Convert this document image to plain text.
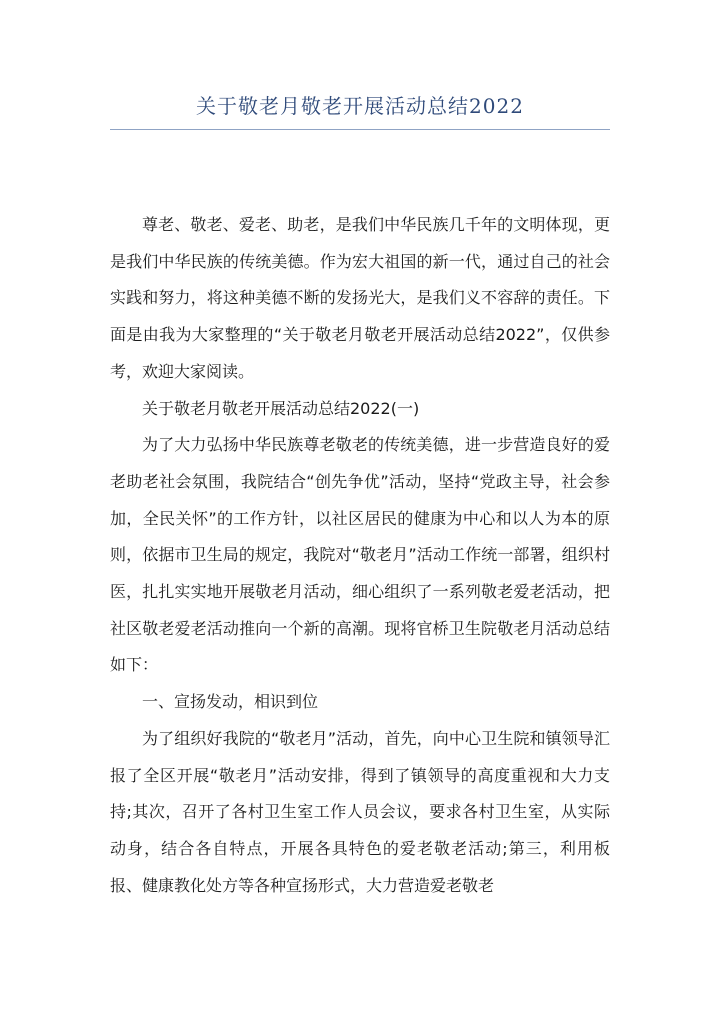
关于敬老月敬老开展活动总结2022

尊老、敬老、爱老、助老，是我们中华民族几千年的文明体现，更是我们中华民族的传统美德。作为宏大祖国的新一代，通过自己的社会实践和努力，将这种美德不断的发扬光大，是我们义不容辞的责任。下面是由我为大家整理的“关于敬老月敬老开展活动总结2022”，仅供参考，欢迎大家阅读。

关于敬老月敬老开展活动总结2022(一)

为了大力弘扬中华民族尊老敬老的传统美德，进一步营造良好的爱老助老社会氛围，我院结合“创先争优”活动，坚持“党政主导，社会参加，全民关怀”的工作方针，以社区居民的健康为中心和以人为本的原则，依据市卫生局的规定，我院对“敬老月”活动工作统一部署，组织村医，扎扎实实地开展敬老月活动，细心组织了一系列敬老爱老活动，把社区敬老爱老活动推向一个新的高潮。现将官桥卫生院敬老月活动总结如下：

一、宣扬发动，相识到位

为了组织好我院的“敬老月”活动，首先，向中心卫生院和镇领导汇报了全区开展“敬老月”活动安排，得到了镇领导的高度重视和大力支持;其次，召开了各村卫生室工作人员会议，要求各村卫生室，从实际动身，结合各自特点，开展各具特色的爱老敬老活动;第三，利用板报、健康教化处方等各种宣扬形式，大力营造爱老敬老
